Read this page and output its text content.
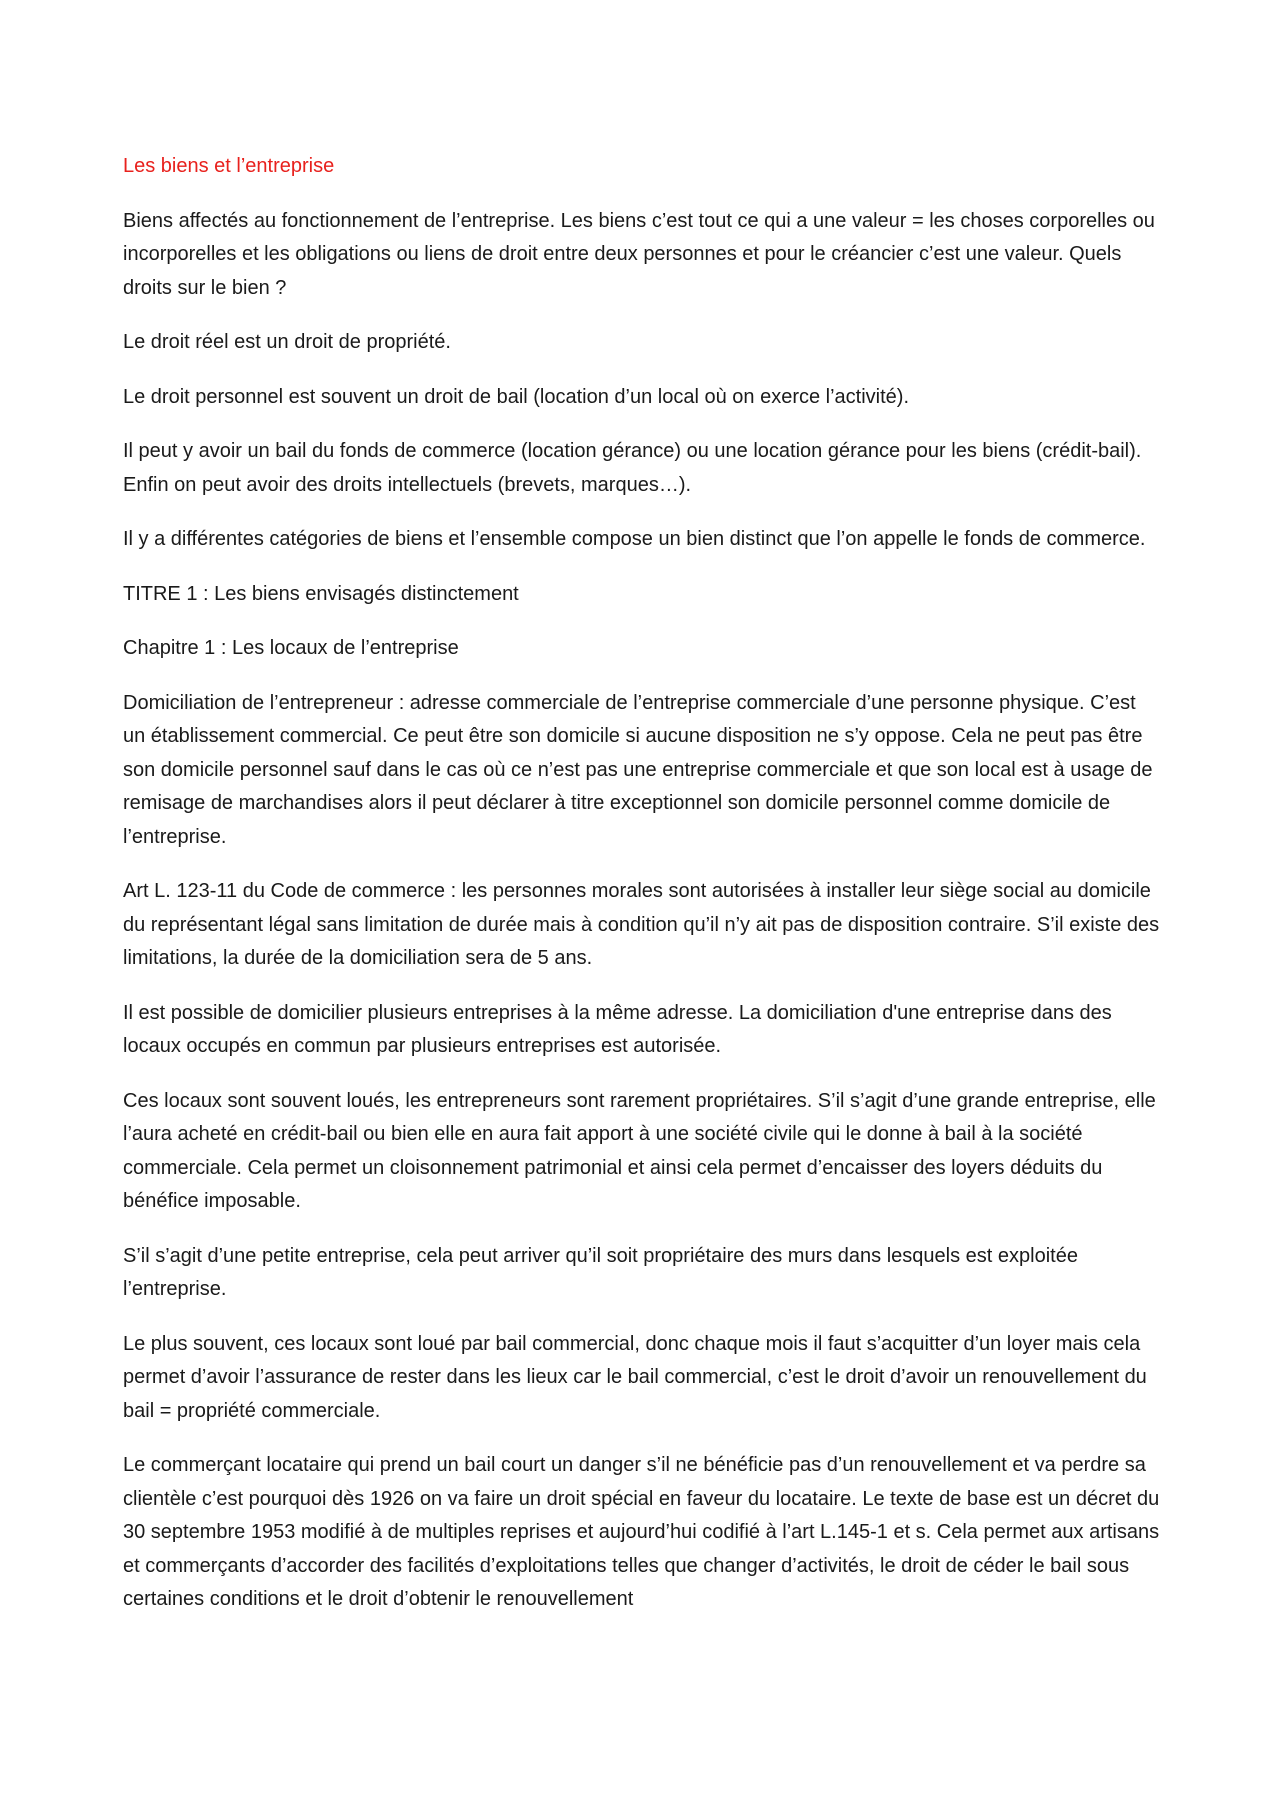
Les biens et l’entreprise

Biens affectés au fonctionnement de l’entreprise. Les biens c’est tout ce qui a une valeur = les choses corporelles ou incorporelles et les obligations ou liens de droit entre deux personnes et pour le créancier c’est une valeur. Quels droits sur le bien ?

Le droit réel est un droit de propriété.

Le droit personnel est souvent un droit de bail (location d’un local où on exerce l’activité).

Il peut y avoir un bail du fonds de commerce (location gérance) ou une location gérance pour les biens (crédit-bail). Enfin on peut avoir des droits intellectuels (brevets, marques…).

Il y a différentes catégories de biens et l’ensemble compose un bien distinct que l’on appelle le fonds de commerce.

TITRE 1 : Les biens envisagés distinctement

Chapitre 1 : Les locaux de l’entreprise

Domiciliation de l’entrepreneur : adresse commerciale de l’entreprise commerciale d’une personne physique. C’est un établissement commercial. Ce peut être son domicile si aucune disposition ne s’y oppose. Cela ne peut pas être son domicile personnel sauf dans le cas où ce n’est pas une entreprise commerciale et que son local est à usage de remisage de marchandises alors il peut déclarer à titre exceptionnel son domicile personnel comme domicile de l’entreprise.

Art L. 123-11 du Code de commerce : les personnes morales sont autorisées à installer leur siège social au domicile du représentant légal sans limitation de durée mais à condition qu’il n’y ait pas de disposition contraire. S’il existe des limitations, la durée de la domiciliation sera de 5 ans.

Il est possible de domicilier plusieurs entreprises à la même adresse. La domiciliation d'une entreprise dans des locaux occupés en commun par plusieurs entreprises est autorisée.

Ces locaux sont souvent loués, les entrepreneurs sont rarement propriétaires. S’il s’agit d’une grande entreprise, elle l’aura acheté en crédit-bail ou bien elle en aura fait apport à une société civile qui le donne à bail à la société commerciale. Cela permet un cloisonnement patrimonial et ainsi cela permet d’encaisser des loyers déduits du bénéfice imposable.

S’il s’agit d’une petite entreprise, cela peut arriver qu’il soit propriétaire des murs dans lesquels est exploitée l’entreprise.

Le plus souvent, ces locaux sont loué par bail commercial, donc chaque mois il faut s’acquitter d’un loyer mais cela permet d’avoir l’assurance de rester dans les lieux car le bail commercial, c’est le droit d’avoir un renouvellement du bail = propriété commerciale.

Le commerçant locataire qui prend un bail court un danger s’il ne bénéficie pas d’un renouvellement et va perdre sa clientèle c’est pourquoi dès 1926 on va faire un droit spécial en faveur du locataire. Le texte de base est un décret du 30 septembre 1953 modifié à de multiples reprises et aujourd’hui codifié à l’art L.145-1 et s. Cela permet aux artisans et commerçants d’accorder des facilités d’exploitations telles que changer d’activités, le droit de céder le bail sous certaines conditions et le droit d’obtenir le renouvellement
